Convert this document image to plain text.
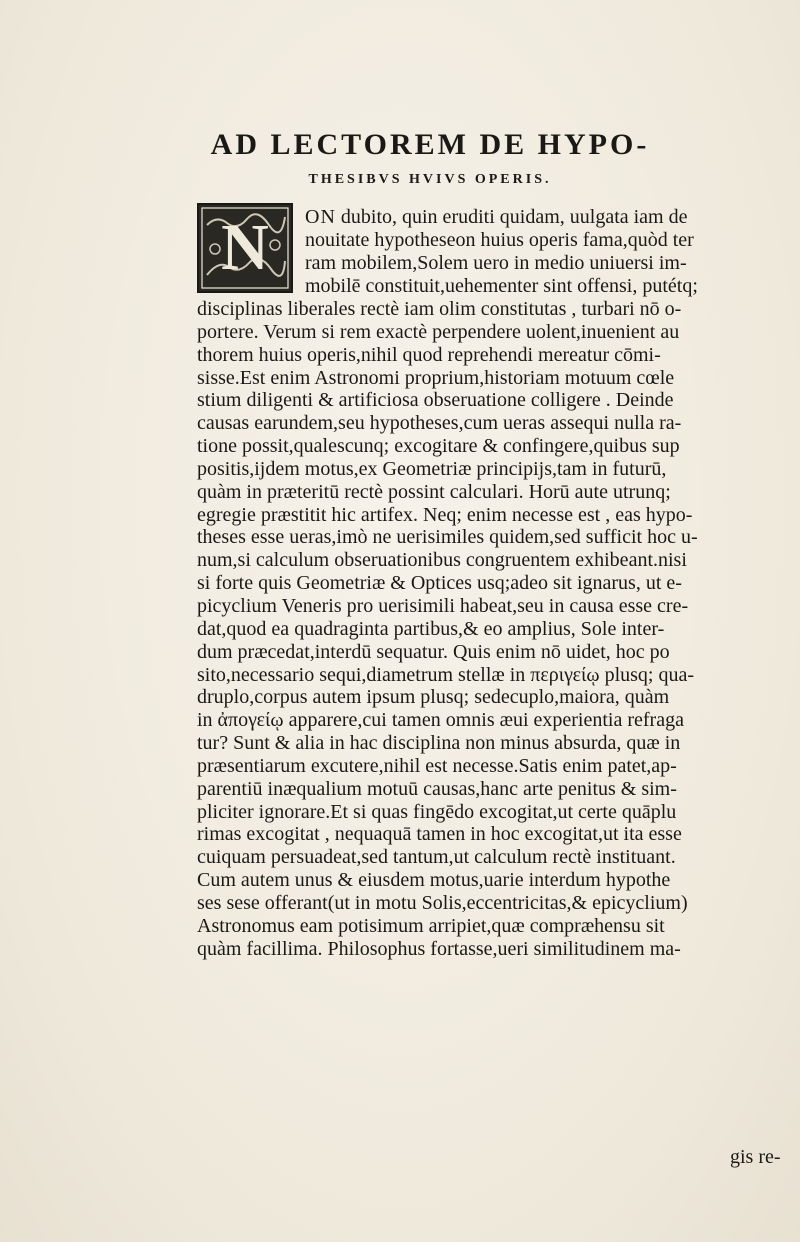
AD LECTOREM DE HYPO-
THESIBVS HVIVS OPERIS.
N ON dubito, quin eruditi quidam, uulgata iam de
nouitate hypotheseon huius operis fama,quòd ter
ram mobilem,Solem uero in medio uniuersi im-
mobilē constituit,uehementer sint offensi, putétq;
disciplinas liberales rectè iam olim constitutas , turbari nō o-
portere. Verum si rem exactè perpendere uolent,inuenient au
thorem huius operis,nihil quod reprehendi mereatur cōmi-
sisse.Est enim Astronomi proprium,historiam motuum cœle
stium diligenti & artificiosa obseruatione colligere . Deinde
causas earundem,seu hypotheses,cum ueras assequi nulla ra-
tione possit,qualescunq; excogitare & confingere,quibus sup
positis,ijdem motus,ex Geometriæ principijs,tam in futurū,
quàm in præteritū rectè possint calculari. Horū aute utrunq;
egregie præstitit hic artifex. Neq; enim necesse est , eas hypo-
theses esse ueras,imò ne uerisimiles quidem,sed sufficit hoc u-
num,si calculum obseruationibus congruentem exhibeant.nisi
si forte quis Geometriæ & Optices usq;adeo sit ignarus, ut e-
picyclium Veneris pro uerisimili habeat,seu in causa esse cre-
dat,quod ea quadraginta partibus,& eo amplius, Sole inter-
dum præcedat,interdū sequatur. Quis enim nō uidet, hoc po
sito,necessario sequi,diametrum stellæ in περιγείῳ plusq; qua-
druplo,corpus autem ipsum plusq; sedecuplo,maiora, quàm
in ἀπογείῳ apparere,cui tamen omnis æui experientia refraga
tur? Sunt & alia in hac disciplina non minus absurda, quæ in
præsentiarum excutere,nihil est necesse.Satis enim patet,ap-
parentiū inæqualium motuū causas,hanc arte penitus & sim-
pliciter ignorare.Et si quas fingēdo excogitat,ut certe quāplu
rimas excogitat , nequaquā tamen in hoc excogitat,ut ita esse
cuiquam persuadeat,sed tantum,ut calculum rectè instituant.
Cum autem unus & eiusdem motus,uarie interdum hypothe
ses sese offerant(ut in motu Solis,eccentricitas,& epicyclium)
Astronomus eam potisimum arripiet,quæ compræhensu sit
quàm facillima. Philosophus fortasse,ueri similitudinem ma-
gis re-
